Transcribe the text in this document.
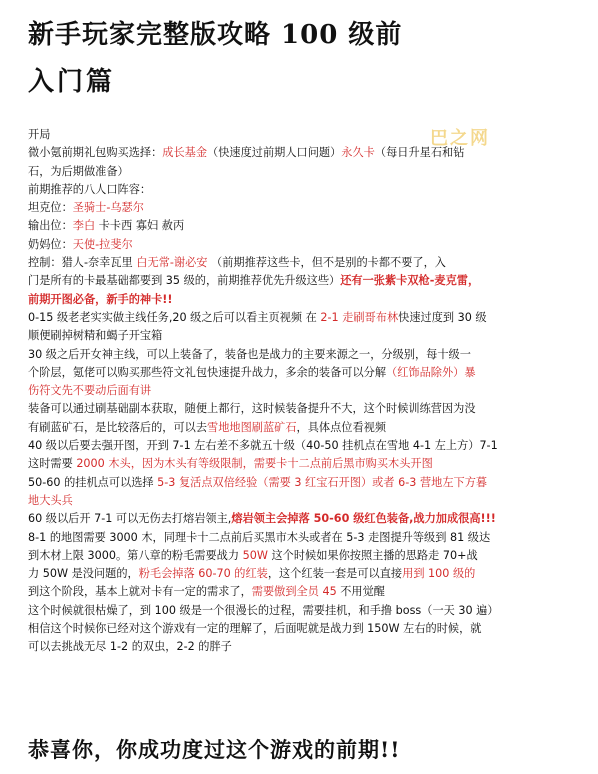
新手玩家完整版攻略 100 级前
入门篇
巴之网
开局
微小氪前期礼包购买选择：成长基金（快速度过前期人口问题）永久卡（每日升星石和钻
石，为后期做准备）
前期推荐的八人口阵容：
坦克位：圣骑士-乌瑟尔
输出位：李白 卡卡西 寡妇 赦丙
奶妈位：天使-拉斐尔
控制：猎人-奈幸瓦里 白无常-谢必安 （前期推荐这些卡，但不是别的卡都不要了，入
门是所有的卡最基础都要到 35 级的，前期推荐优先升级这些）还有一张紫卡双枪-麦克雷，
前期开图必备，新手的神卡!!
0-15 级老老实实做主线任务,20 级之后可以看主页视频 在 2-1 走刷哥布林快速过度到 30 级
顺便刷掉树精和蝎子开宝箱
30 级之后开女神主线，可以上装备了，装备也是战力的主要来源之一，分级别，每十级一
个阶层，氪佬可以购买那些符文礼包快速提升战力，多余的装备可以分解（红饰品除外）暴
伤符文先不要动后面有讲
装备可以通过刷基础副本获取，随便上都行，这时候装备提升不大，这个时候训练营因为没
有刷蓝矿石，是比较落后的，可以去雪地地图刷蓝矿石，具体点位看视频
40 级以后要去强开图，开到 7-1 左右差不多就五十级（40-50 挂机点在雪地 4-1 左上方）7-1
这时需要 2000 木头，因为木头有等级限制，需要卡十二点前后黑市购买木头开图
50-60 的挂机点可以选择 5-3 复活点双倍经验（需要 3 红宝石开图）或者 6-3 营地左下方暮
地大头兵
60 级以后开 7-1 可以无伤去打熔岩领主,熔岩领主会掉落 50-60 级红色装备,战力加成很高!!!
8-1 的地图需要 3000 木，同理卡十二点前后买黑市木头或者在 5-3 走图提升等级到 81 级达
到木材上限 3000。第八章的粉毛需要战力 50W 这个时候如果你按照主播的思路走 70+战
力 50W 是没问题的，粉毛会掉落 60-70 的红装，这个红装一套是可以直接用到 100 级的
到这个阶段，基本上就对卡有一定的需求了，需要傲到全员 45 不用觉醒
这个时候就很枯燥了，到 100 级是一个很漫长的过程，需要挂机，和手撸 boss（一天 30 遍）
相信这个时候你已经对这个游戏有一定的理解了，后面呢就是战力到 150W 左右的时候，就
可以去挑战无尽 1-2 的双虫，2-2 的胖子
恭喜你，你成功度过这个游戏的前期!!
